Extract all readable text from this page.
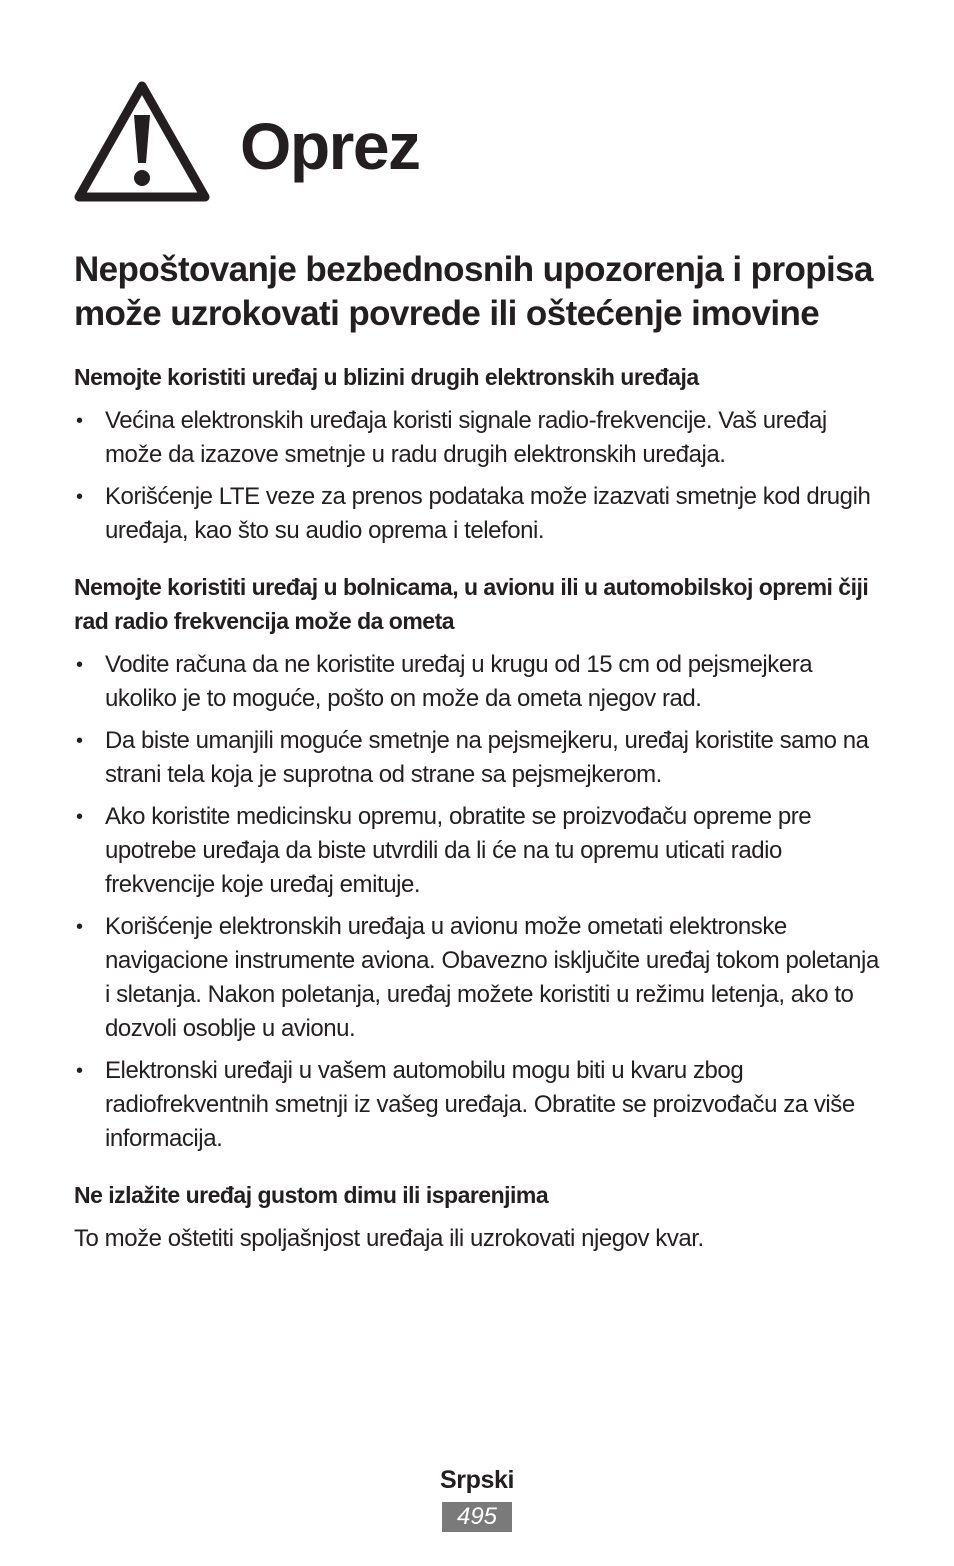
Oprez
Nepoštovanje bezbednosnih upozorenja i propisa može uzrokovati povrede ili oštećenje imovine
Nemojte koristiti uređaj u blizini drugih elektronskih uređaja
• Većina elektronskih uređaja koristi signale radio-frekvencije. Vaš uređaj može da izazove smetnje u radu drugih elektronskih uređaja.
• Korišćenje LTE veze za prenos podataka može izazvati smetnje kod drugih uređaja, kao što su audio oprema i telefoni.
Nemojte koristiti uređaj u bolnicama, u avionu ili u automobilskoj opremi čiji rad radio frekvencija može da ometa
• Vodite računa da ne koristite uređaj u krugu od 15 cm od pejsmejkera ukoliko je to moguće, pošto on može da ometa njegov rad.
• Da biste umanjili moguće smetnje na pejsmejkeru, uređaj koristite samo na strani tela koja je suprotna od strane sa pejsmejkerom.
• Ako koristite medicinsku opremu, obratite se proizvođaču opreme pre upotrebe uređaja da biste utvrdili da li će na tu opremu uticati radio frekvencije koje uređaj emituje.
• Korišćenje elektronskih uređaja u avionu može ometati elektronske navigacione instrumente aviona. Obavezno isključite uređaj tokom poletanja i sletanja. Nakon poletanja, uređaj možete koristiti u režimu letenja, ako to dozvoli osoblje u avionu.
• Elektronski uređaji u vašem automobilu mogu biti u kvaru zbog radiofrekventnih smetnji iz vašeg uređaja. Obratite se proizvođaču za više informacija.
Ne izlažite uređaj gustom dimu ili isparenjima

To može oštetiti spoljašnjost uređaja ili uzrokovati njegov kvar.

Srpski
495
